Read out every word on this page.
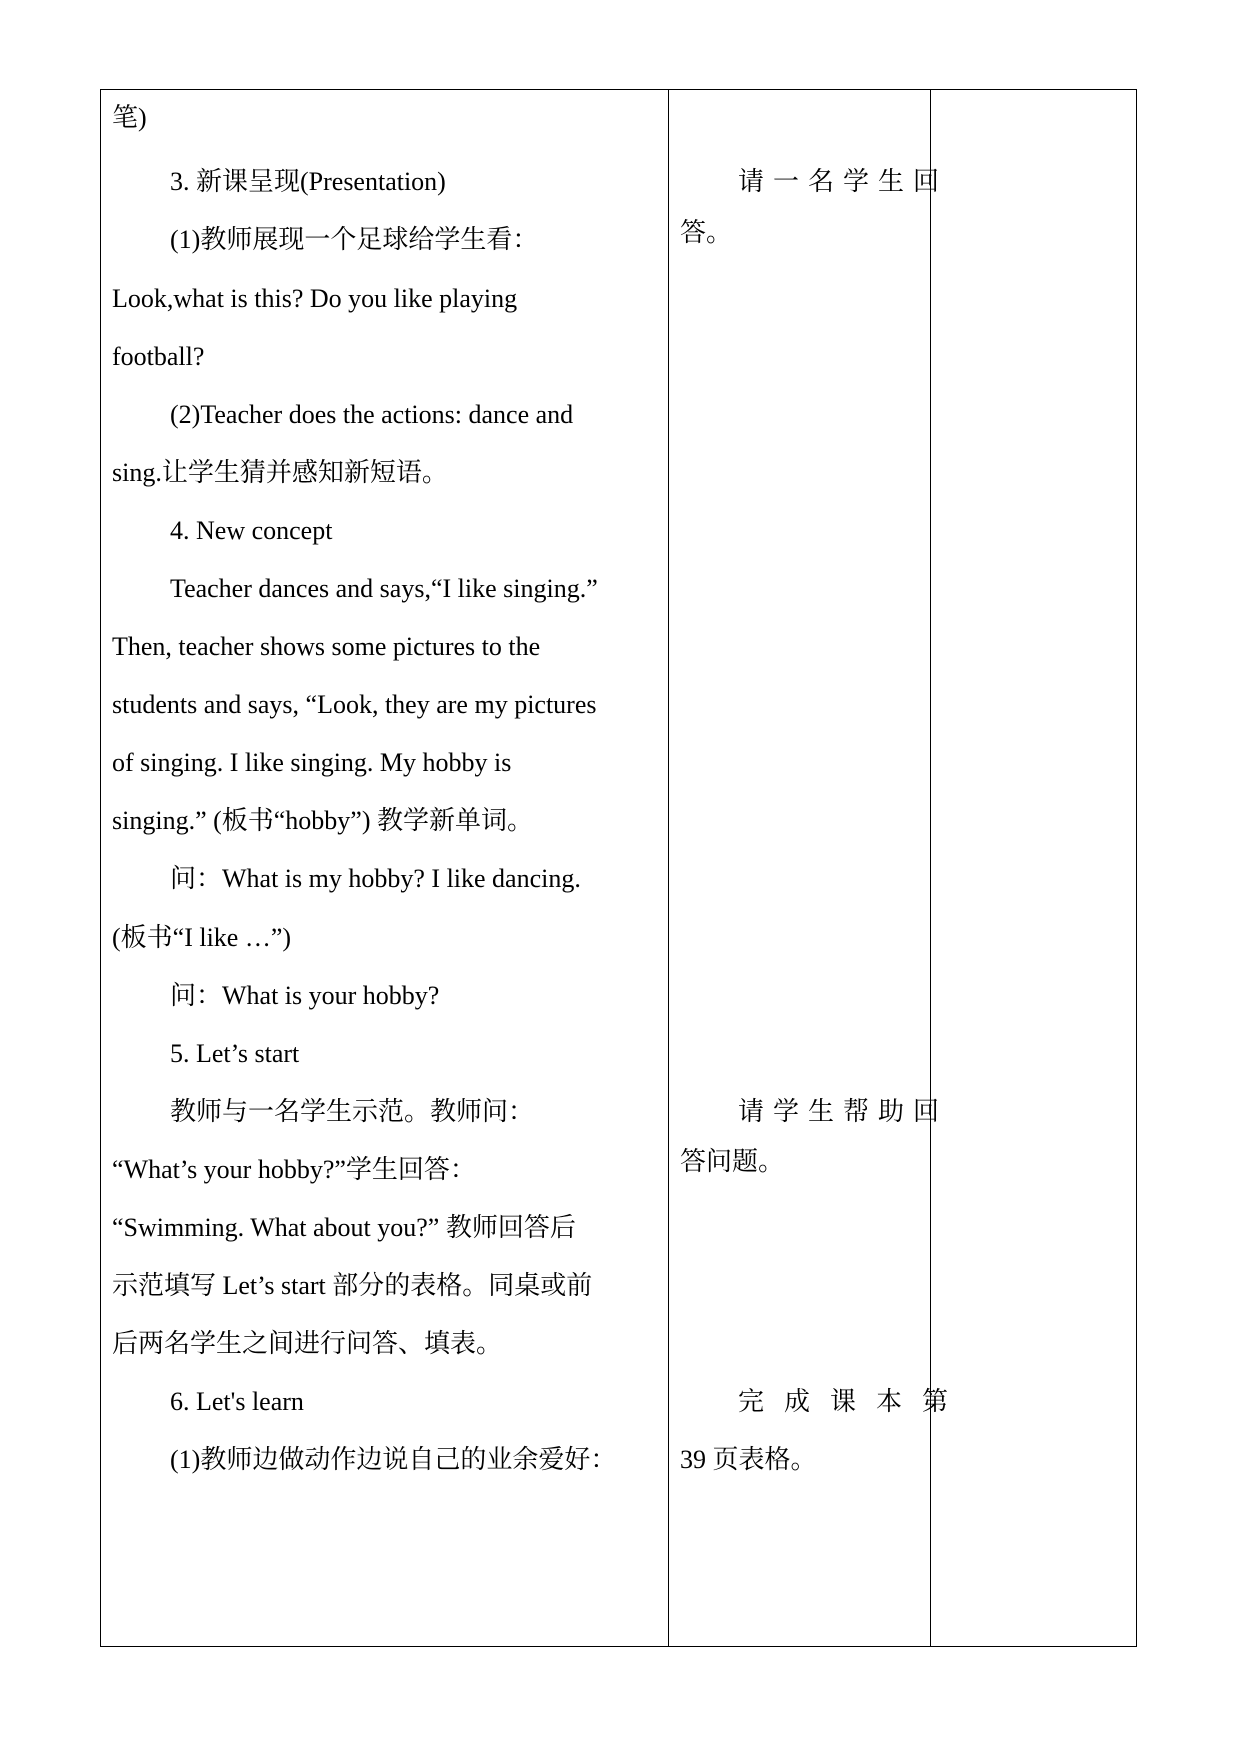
笔)
3. 新课呈现(Presentation)
(1)教师展现一个足球给学生看：
Look,what is this? Do you like playing
football?
(2)Teacher does the actions: dance and
sing.让学生猜并感知新短语。
4. New concept
Teacher dances and says,“I like singing.”
Then, teacher shows some pictures to the
students and says, “Look, they are my pictures
of singing. I like singing. My hobby is
singing.” (板书“hobby”) 教学新单词。
问：What is my hobby? I like dancing.
(板书“I like …”)
问：What is your hobby?
5. Let’s start
教师与一名学生示范。教师问：
“What’s your hobby?”学生回答：
“Swimming. What about you?” 教师回答后
示范填写 Let’s start 部分的表格。同桌或前
后两名学生之间进行问答、填表。
6. Let's learn
(1)教师边做动作边说自己的业余爱好：
请一名学生回
答。
请学生帮助回
答问题。
完成课本第
39 页表格。
